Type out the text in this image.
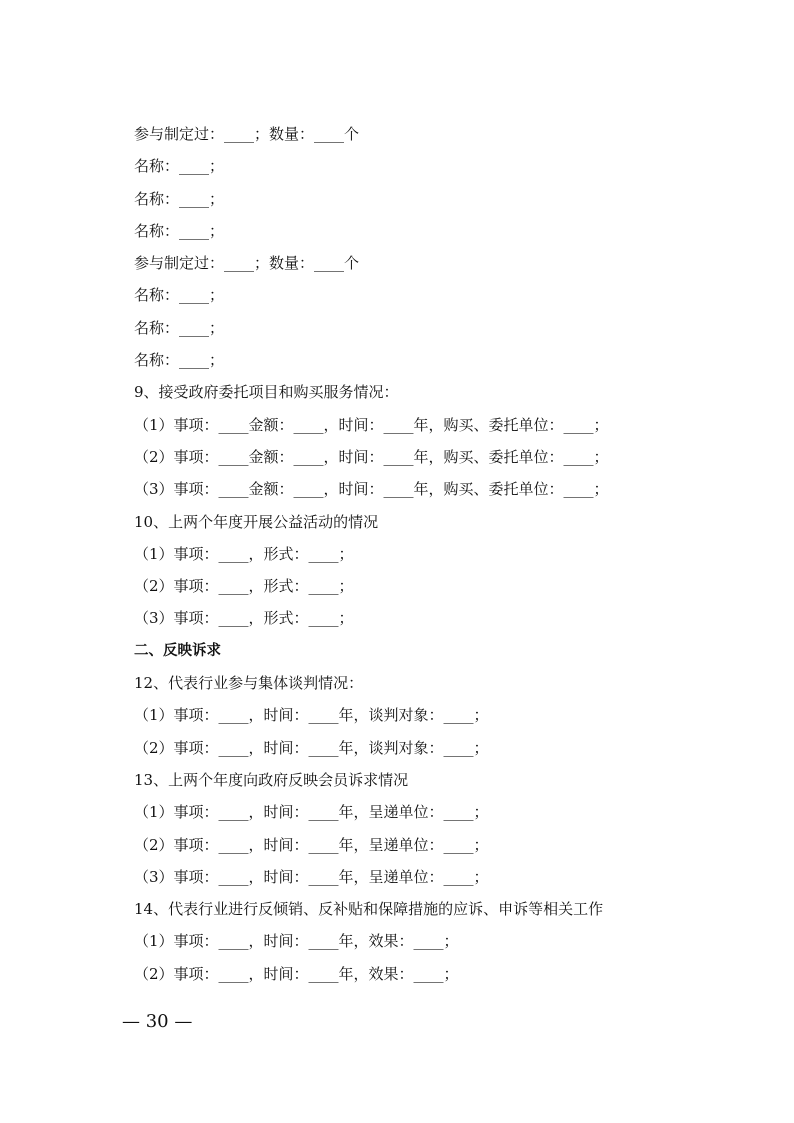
参与制定过：____；数量：____个
名称：____；
名称：____；
名称：____；
参与制定过：____；数量：____个
名称：____；
名称：____；
名称：____；
9、接受政府委托项目和购买服务情况：
（1）事项：____金额：____，时间：____年，购买、委托单位：____；
（2）事项：____金额：____，时间：____年，购买、委托单位：____；
（3）事项：____金额：____，时间：____年，购买、委托单位：____；
10、上两个年度开展公益活动的情况
（1）事项：____，形式：____；
（2）事项：____，形式：____；
（3）事项：____，形式：____；
二、反映诉求
12、代表行业参与集体谈判情况：
（1）事项：____，时间：____年，谈判对象：____；
（2）事项：____，时间：____年，谈判对象：____；
13、上两个年度向政府反映会员诉求情况
（1）事项：____，时间：____年，呈递单位：____；
（2）事项：____，时间：____年，呈递单位：____；
（3）事项：____，时间：____年，呈递单位：____；
14、代表行业进行反倾销、反补贴和保障措施的应诉、申诉等相关工作
（1）事项：____，时间：____年，效果：____；
（2）事项：____，时间：____年，效果：____；
— 30 —
